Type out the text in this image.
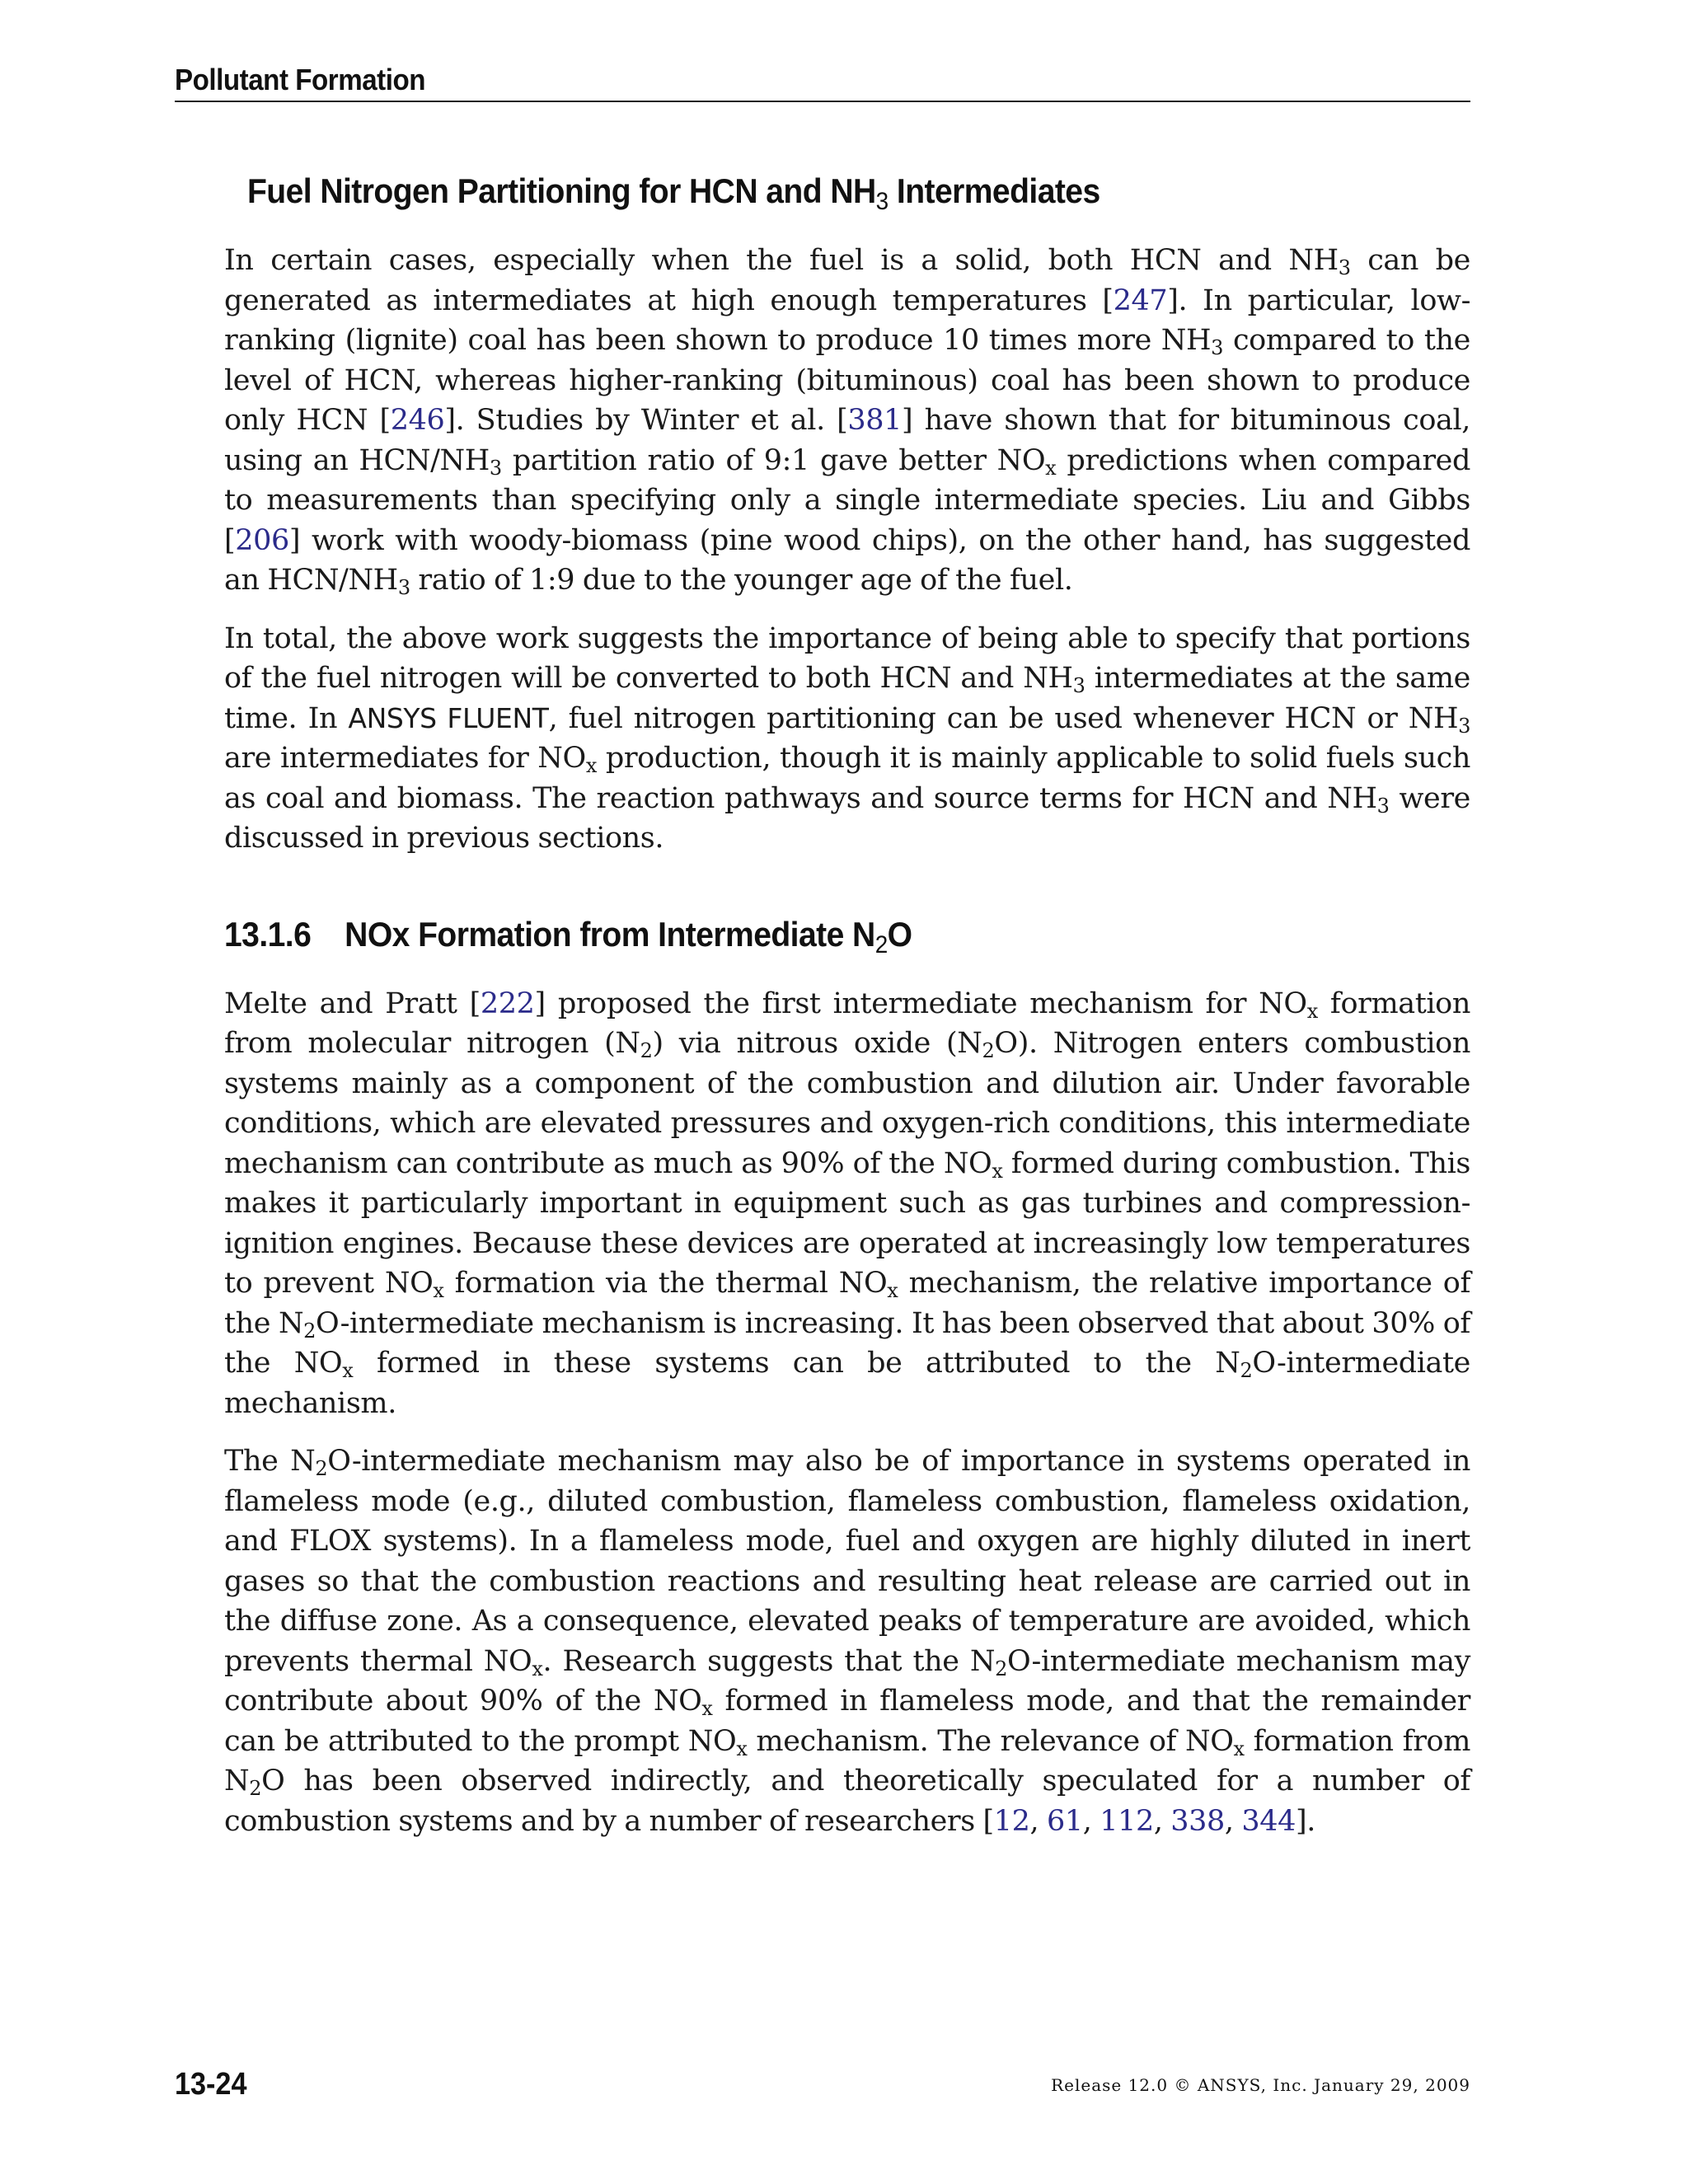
Pollutant Formation
Fuel Nitrogen Partitioning for HCN and $NH_3$ Intermediates

In certain cases, especially when the fuel is a solid, both HCN and $NH_3$ can be generated as intermediates at high enough temperatures [247]. In particular, low-ranking (lignite) coal has been shown to produce 10 times more $NH_3$ compared to the level of HCN, whereas higher-ranking (bituminous) coal has been shown to produce only HCN [246]. Studies by Winter et al. [381] have shown that for bituminous coal, using an HCN/$NH_3$ partition ratio of 9:1 gave better $NO_x$ predictions when compared to measurements than specifying only a single intermediate species. Liu and Gibbs [206] work with woody-biomass (pine wood chips), on the other hand, has suggested an HCN/$NH_3$ ratio of 1:9 due to the younger age of the fuel.

In total, the above work suggests the importance of being able to specify that portions of the fuel nitrogen will be converted to both HCN and $NH_3$ intermediates at the same time. In ANSYS FLUENT, fuel nitrogen partitioning can be used whenever HCN or $NH_3$ are intermediates for $NO_x$ production, though it is mainly applicable to solid fuels such as coal and biomass. The reaction pathways and source terms for HCN and $NH_3$ were discussed in previous sections.

13.1.6 NOx Formation from Intermediate $N_2O$

Melte and Pratt [222] proposed the first intermediate mechanism for $NO_x$ formation from molecular nitrogen $(N_2)$ via nitrous oxide $(N_2O)$. Nitrogen enters combustion systems mainly as a component of the combustion and dilution air. Under favorable conditions, which are elevated pressures and oxygen-rich conditions, this intermediate mechanism can contribute as much as 90% of the $NO_x$ formed during combustion. This makes it particularly important in equipment such as gas turbines and compression-ignition engines. Because these devices are operated at increasingly low temperatures to prevent $NO_x$ formation via the thermal $NO_x$ mechanism, the relative importance of the $N_2O$-intermediate mechanism is increasing. It has been observed that about 30% of the $NO_x$ formed in these systems can be attributed to the $N_2O$-intermediate mechanism.

The $N_2O$-intermediate mechanism may also be of importance in systems operated in flameless mode (e.g., diluted combustion, flameless combustion, flameless oxidation, and FLOX systems). In a flameless mode, fuel and oxygen are highly diluted in inert gases so that the combustion reactions and resulting heat release are carried out in the diffuse zone. As a consequence, elevated peaks of temperature are avoided, which prevents thermal $NO_x$. Research suggests that the $N_2O$-intermediate mechanism may contribute about 90% of the $NO_x$ formed in flameless mode, and that the remainder can be attributed to the prompt $NO_x$ mechanism. The relevance of $NO_x$ formation from $N_2O$ has been observed indirectly, and theoretically speculated for a number of combustion systems and by a number of researchers [12, 61, 112, 338, 344].

13-24	Release 12.0 © ANSYS, Inc. January 29, 2009
